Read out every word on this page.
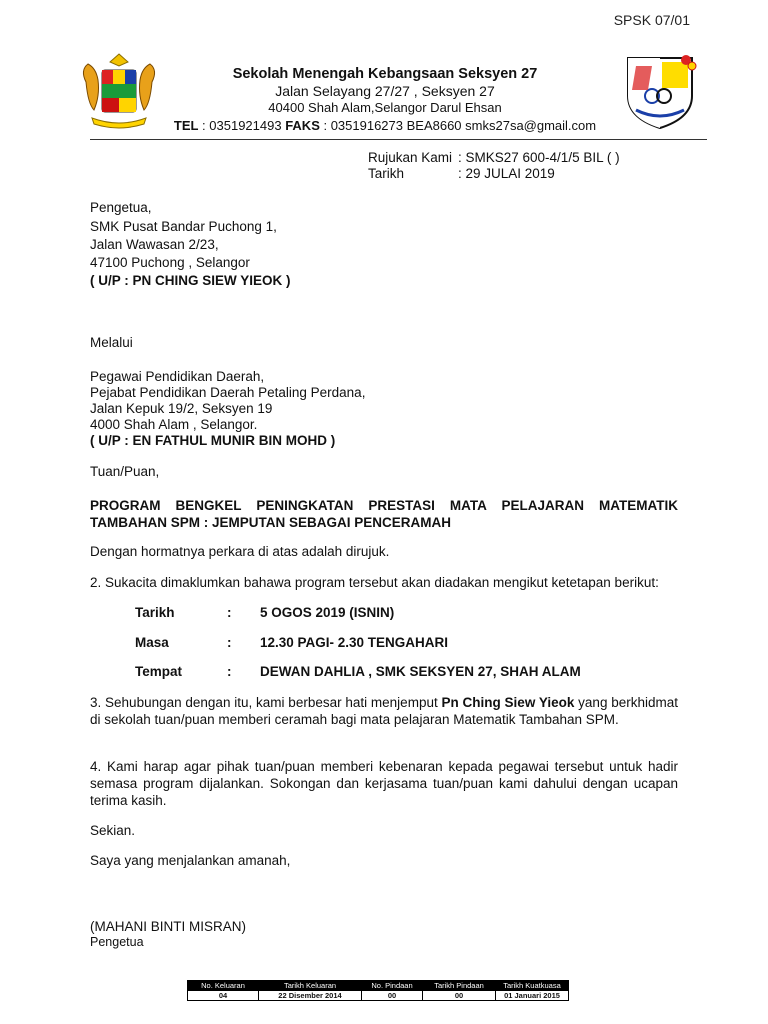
SPSK 07/01
Sekolah Menengah Kebangsaan Seksyen 27
Jalan Selayang 27/27 , Seksyen 27
40400 Shah Alam,Selangor Darul Ehsan
TEL : 0351921493 FAKS : 0351916273 BEA8660 smks27sa@gmail.com
Rujukan Kami : SMKS27 600-4/1/5 BIL ( )
Tarikh	: 29 JULAI 2019
Pengetua,
SMK Pusat Bandar Puchong 1,
Jalan Wawasan 2/23,
47100 Puchong , Selangor
( U/P : PN CHING SIEW YIEOK )
Melalui
Pegawai Pendidikan Daerah,
Pejabat Pendidikan Daerah Petaling Perdana,
Jalan Kepuk 19/2, Seksyen 19
4000 Shah Alam , Selangor.
( U/P : EN FATHUL MUNIR BIN MOHD )
Tuan/Puan,
PROGRAM BENGKEL PENINGKATAN PRESTASI MATA PELAJARAN MATEMATIK TAMBAHAN SPM : JEMPUTAN SEBAGAI PENCERAMAH
Dengan hormatnya perkara di atas adalah dirujuk.
2. Sukacita dimaklumkan bahawa program tersebut akan diadakan mengikut ketetapan berikut:
Tarikh	: 5 OGOS 2019 (ISNIN)
Masa	: 12.30 PAGI- 2.30 TENGAHARI
Tempat	: DEWAN DAHLIA , SMK SEKSYEN 27, SHAH ALAM
3. Sehubungan dengan itu, kami berbesar hati menjemput Pn Ching Siew Yieok yang berkhidmat di sekolah tuan/puan memberi ceramah bagi mata pelajaran Matematik Tambahan SPM.
4. Kami harap agar pihak tuan/puan memberi kebenaran kepada pegawai tersebut untuk hadir semasa program dijalankan. Sokongan dan kerjasama tuan/puan kami dahului dengan ucapan terima kasih.
Sekian.
Saya yang menjalankan amanah,
(MAHANI BINTI MISRAN)
Pengetua
No. Keluaran	Tarikh Keluaran	No. Pindaan	Tarikh Pindaan	Tarikh Kuatkuasa
04	22 Disember 2014	00	00	01 Januari 2015
